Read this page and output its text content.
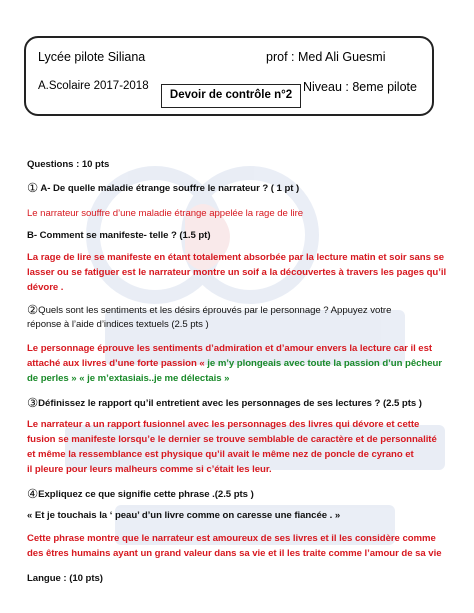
Lycée pilote Siliana	prof : Med Ali Guesmi
A.Scolaire 2017-2018	Niveau : 8eme pilote
Devoir de contrôle n°2
Questions : 10 pts
① A- De quelle maladie étrange souffre le narrateur ? ( 1 pt )
Le narrateur souffre d’une maladie étrange appelée la rage de lire
B- Comment se manifeste- telle ? (1.5 pt)
La rage de lire se manifeste en étant totalement absorbée par la lecture matin et soir sans se
lasser ou se fatiguer est le narrateur montre un soif a la découvertes à travers les pages qu’il
dévore .
②Quels sont les sentiments et les désirs éprouvés par le personnage ? Appuyez votre
réponse à l’aide d’indices textuels (2.5 pts )
Le personnage éprouve les sentiments d’admiration et d’amour envers la lecture car il est
attaché aux livres d’une forte passion « je m’y plongeais avec toute la passion d’un pêcheur
de perles » « je m’extasiais..je me délectais »
③Définissez le rapport qu’il entretient avec les personnages de ses lectures ? (2.5 pts )
Le narrateur a un rapport fusionnel avec les personnages des livres qui dévore et cette
fusion se manifeste lorsqu’e le dernier se trouve semblable de caractère et de personnalité
et même la ressemblance est physique qu’il avait le même nez de poncle de cyrano et
il pleure pour leurs malheurs comme si c’était les leur.
④Expliquez ce que signifie cette phrase .(2.5 pts )
« Et je touchais la ‘ peau’ d’un livre comme on caresse une fiancée . »
Cette phrase montre que le narrateur est amoureux de ses livres et il les considère comme
des êtres humains ayant un grand valeur dans sa vie et il les traite comme l’amour de sa vie
Langue : (10 pts)
